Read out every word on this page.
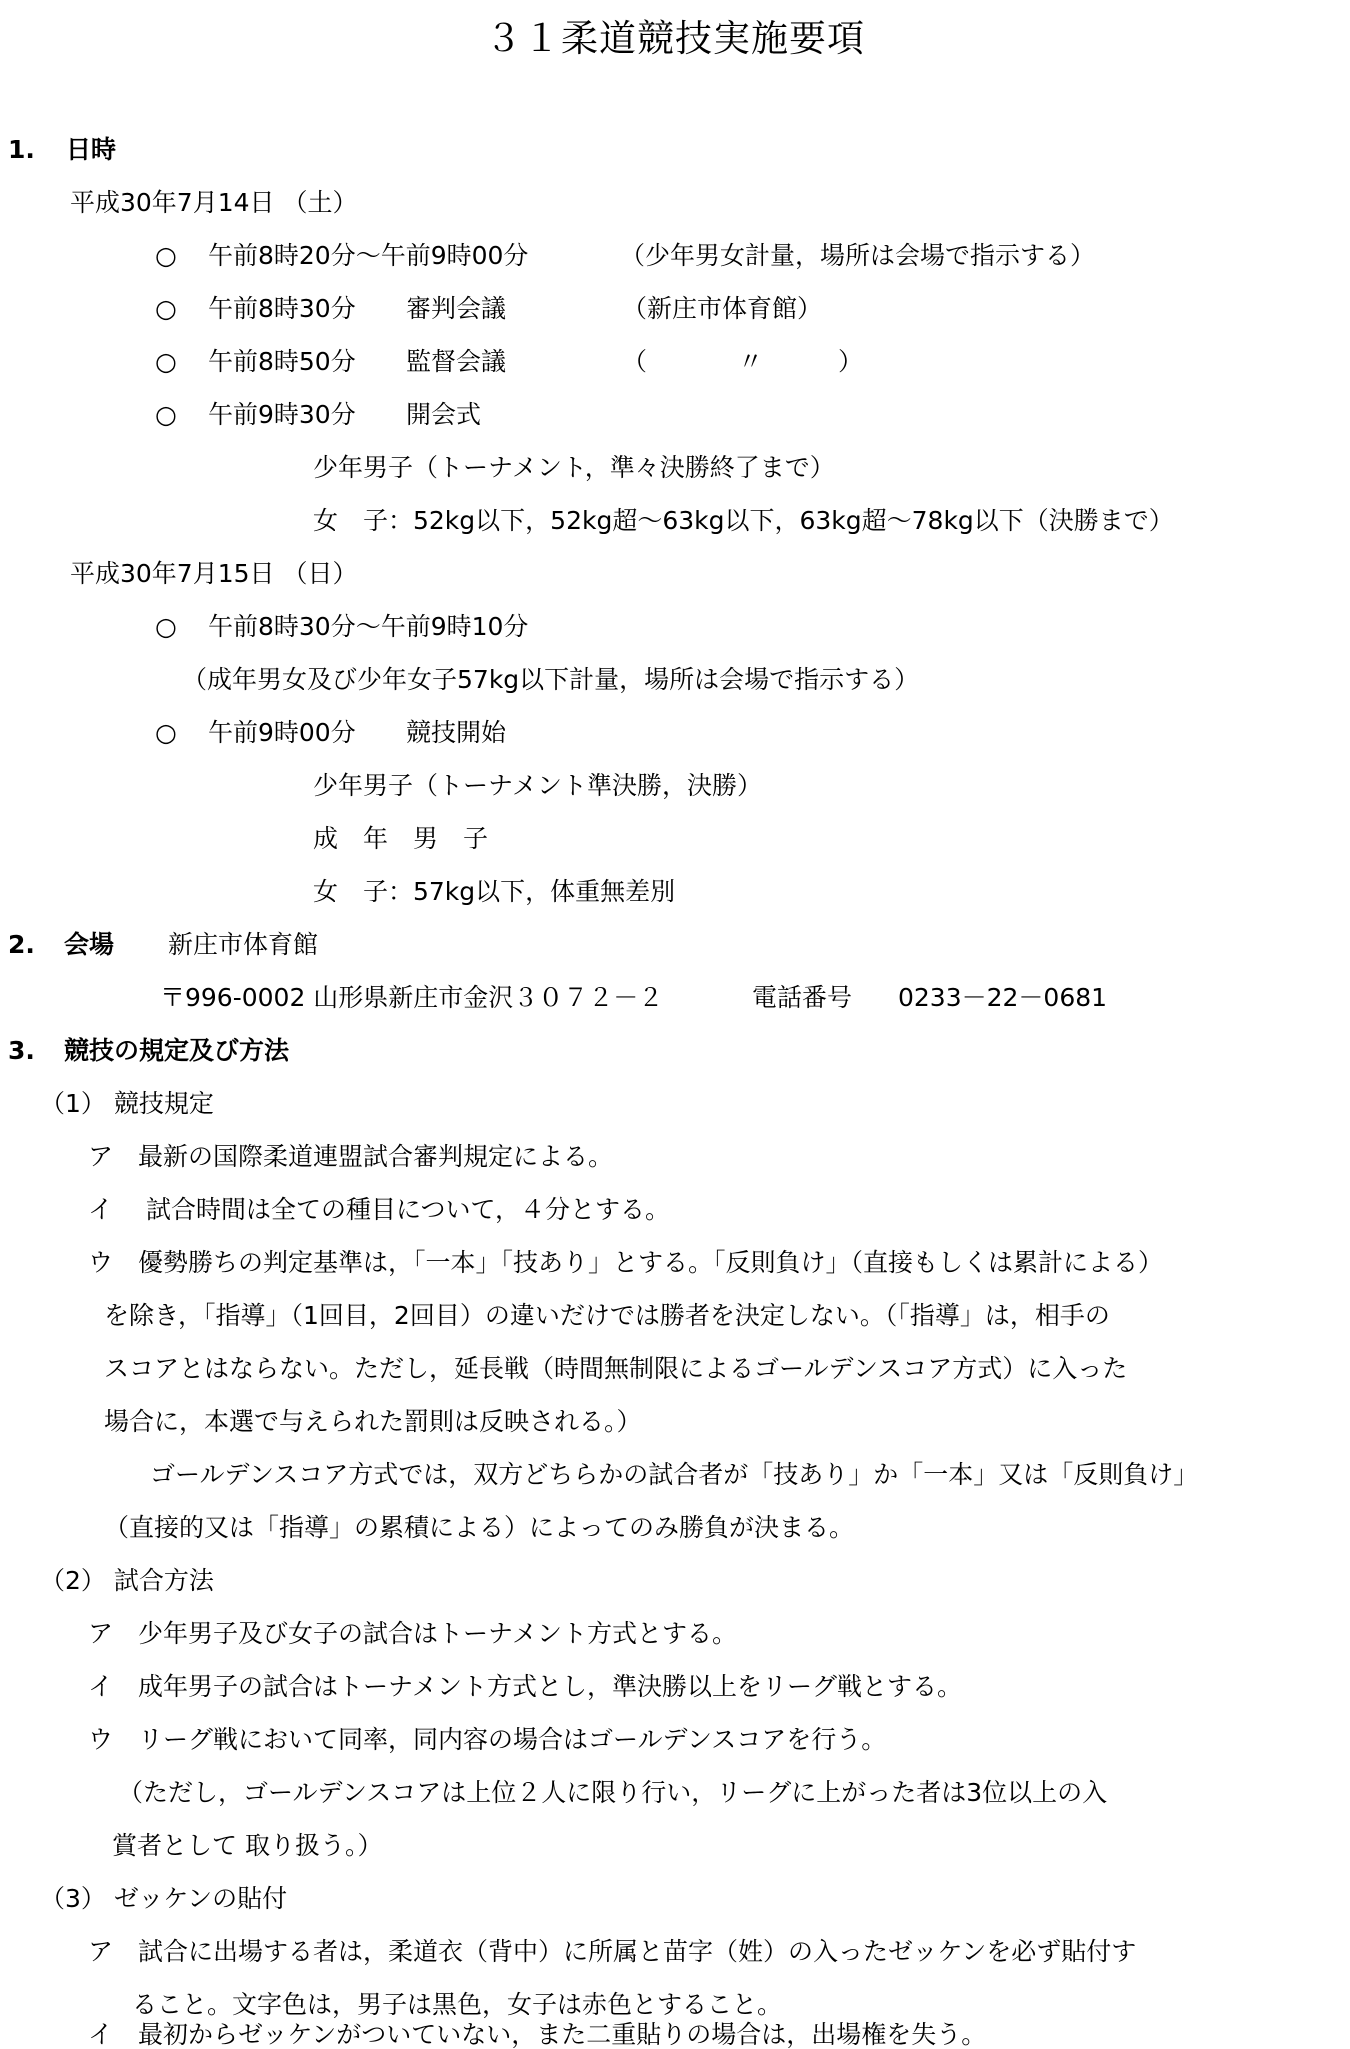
３１柔道競技実施要項
1. 日時
平成30年7月14日 （土）
○ 午前8時20分～午前9時00分	（少年男女計量，場所は会場で指示する）
○ 午前8時30分 審判会議	（新庄市体育館）
○ 午前8時50分 監督会議	（	〃	）
○ 午前9時30分 開会式
少年男子（トーナメント，準々決勝終了まで）
女　子：52kg以下，52kg超～63kg以下，63kg超～78kg以下（決勝まで）
平成30年7月15日 （日）
○ 午前8時30分～午前9時10分
（成年男女及び少年女子57kg以下計量，場所は会場で指示する）
○ 午前9時00分 競技開始
少年男子（トーナメント準決勝，決勝）
成　年　男　子
女　子：57kg以下，体重無差別
2. 会場 新庄市体育館
〒996-0002 山形県新庄市金沢３０７２－２	電話番号 0233－22－0681
3. 競技の規定及び方法
（1） 競技規定
ア　最新の国際柔道連盟試合審判規定による。
イ　 試合時間は全ての種目について，４分とする。
ウ　優勢勝ちの判定基準は，「一本」「技あり」とする。「反則負け」（直接もしくは累計による）
を除き，「指導」（1回目，2回目）の違いだけでは勝者を決定しない。（「指導」は，相手の
スコアとはならない。ただし，延長戦（時間無制限によるゴールデンスコア方式）に入った
場合に，本選で与えられた罰則は反映される。）
ゴールデンスコア方式では，双方どちらかの試合者が「技あり」か「一本」又は「反則負け」
（直接的又は「指導」の累積による）によってのみ勝負が決まる。
（2） 試合方法
ア　少年男子及び女子の試合はトーナメント方式とする。
イ　成年男子の試合はトーナメント方式とし，準決勝以上をリーグ戦とする。
ウ　リーグ戦において同率，同内容の場合はゴールデンスコアを行う。
（ただし，ゴールデンスコアは上位２人に限り行い，リーグに上がった者は3位以上の入
賞者として 取り扱う。）
（3） ゼッケンの貼付
ア　試合に出場する者は，柔道衣（背中）に所属と苗字（姓）の入ったゼッケンを必ず貼付す
ること。文字色は，男子は黒色，女子は赤色とすること。
イ　最初からゼッケンがついていない，また二重貼りの場合は，出場権を失う。
